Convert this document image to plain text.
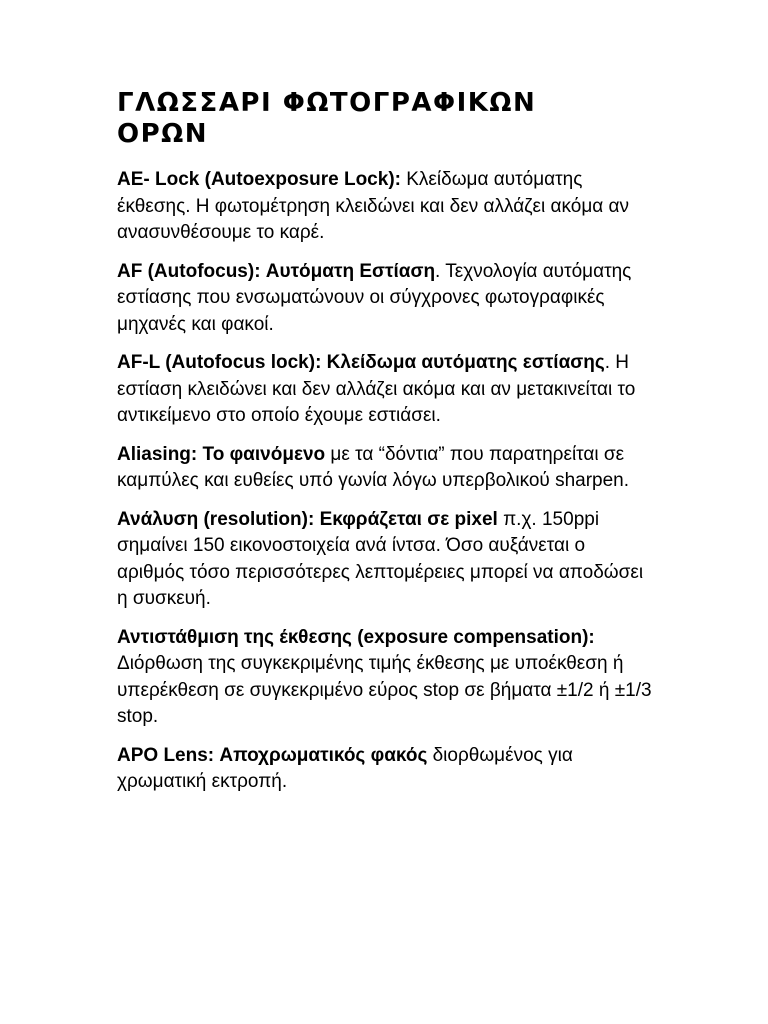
ΓΛΩΣΣΑΡΙ ΦΩΤΟΓΡΑΦΙΚΩΝ ΟΡΩΝ

AE- Lock (Autoexposure Lock): Κλείδωμα αυτόματης έκθεσης. Η φωτομέτρηση κλειδώνει και δεν αλλάζει ακόμα αν ανασυνθέσουμε το καρέ.

AF (Autofocus): Αυτόματη Εστίαση. Τεχνολογία αυτόματης εστίασης που ενσωματώνουν οι σύγχρονες φωτογραφικές μηχανές και φακοί.

AF-L (Autofocus lock): Κλείδωμα αυτόματης εστίασης. Η εστίαση κλειδώνει και δεν αλλάζει ακόμα και αν μετακινείται το αντικείμενο στο οποίο έχουμε εστιάσει.

Aliasing: Το φαινόμενο με τα “δόντια” που παρατηρείται σε καμπύλες και ευθείες υπό γωνία λόγω υπερβολικού sharpen.

Ανάλυση (resolution): Εκφράζεται σε pixel π.χ. 150ppi σημαίνει 150 εικονοστοιχεία ανά ίντσα. Όσο αυξάνεται ο αριθμός τόσο περισσότερες λεπτομέρειες μπορεί να αποδώσει η συσκευή.

Αντιστάθμιση της έκθεσης (exposure compensation): Διόρθωση της συγκεκριμένης τιμής έκθεσης με υποέκθεση ή υπερέκθεση σε συγκεκριμένο εύρος stop σε βήματα ±1/2 ή ±1/3 stop.

APO Lens: Αποχρωματικός φακός διορθωμένος για χρωματική εκτροπή.
